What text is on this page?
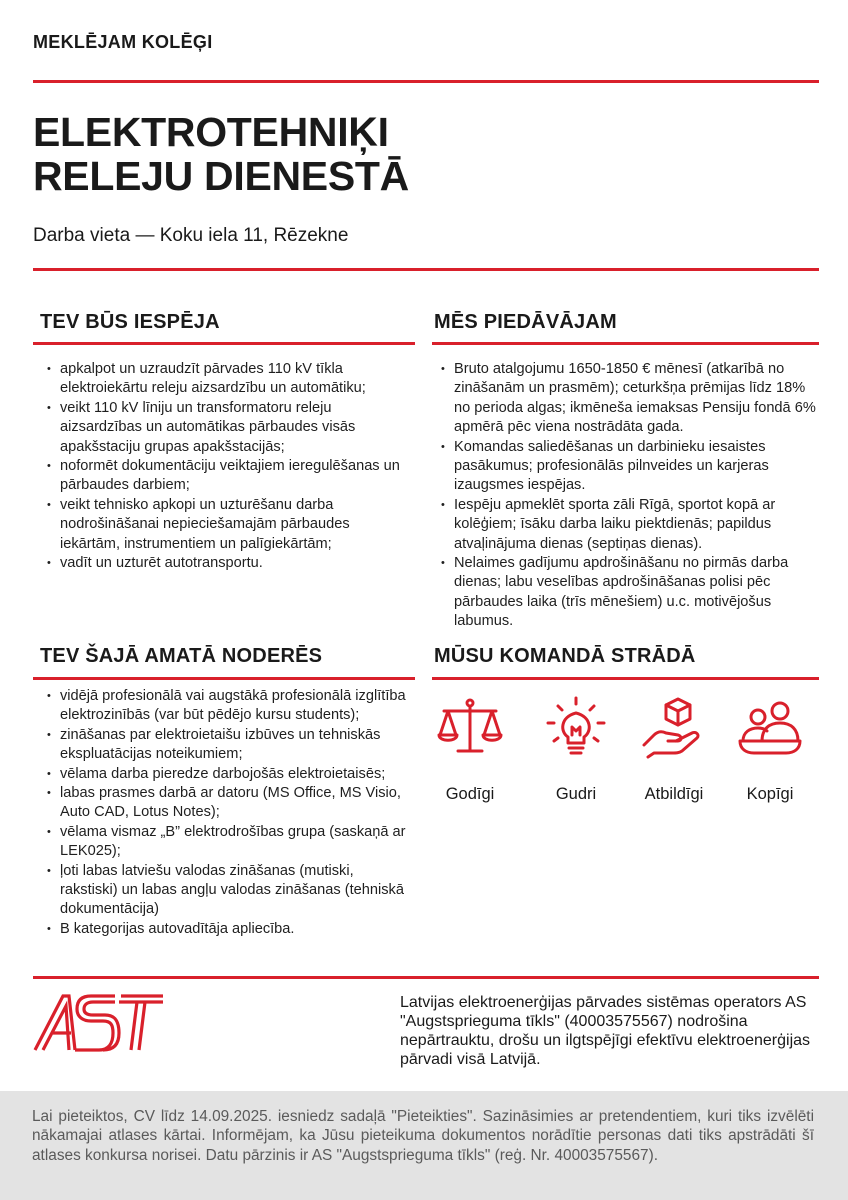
MEKLĒJAM KOLĒĢI
ELEKTROTEHNIĶI
RELEJU DIENESTĀ
Darba vieta — Koku iela 11, Rēzekne
TEV BŪS IESPĒJA
• apkalpot un uzraudzīt pārvades 110 kV tīkla elektroiekārtu releju aizsardzību un automātiku;
• veikt 110 kV līniju un transformatoru releju aizsardzības un automātikas pārbaudes visās apakšstaciju grupas apakšstacijās;
• noformēt dokumentāciju veiktajiem ieregulēšanas un pārbaudes darbiem;
• veikt tehnisko apkopi un uzturēšanu darba nodrošināšanai nepieciešamajām pārbaudes iekārtām, instrumentiem un palīgiekārtām;
• vadīt un uzturēt autotransportu.
MĒS PIEDĀVĀJAM
• Bruto atalgojumu 1650-1850 € mēnesī (atkarībā no zināšanām un prasmēm); ceturkšņa prēmijas līdz 18% no perioda algas; ikmēneša iemaksas Pensiju fondā 6% apmērā pēc viena nostrādāta gada.
• Komandas saliedēšanas un darbinieku iesaistes pasākumus; profesionālās pilnveides un karjeras izaugsmes iespējas.
• Iespēju apmeklēt sporta zāli Rīgā, sportot kopā ar kolēģiem; īsāku darba laiku piektdienās; papildus atvaļinājuma dienas (septiņas dienas).
• Nelaimes gadījumu apdrošināšanu no pirmās darba dienas; labu veselības apdrošināšanas polisi pēc pārbaudes laika (trīs mēnešiem) u.c. motivējošus labumus.
TEV ŠAJĀ AMATĀ NODERĒS
• vidējā profesionālā vai augstākā profesionālā izglītība elektrozinībās (var būt pēdējo kursu students);
• zināšanas par elektroietaišu izbūves un tehniskās ekspluatācijas noteikumiem;
• vēlama darba pieredze darbojošās elektroietaisēs;
• labas prasmes darbā ar datoru (MS Office, MS Visio, Auto CAD, Lotus Notes);
• vēlama vismaz „B” elektrodrošības grupa (saskaņā ar LEK025);
• ļoti labas latviešu valodas zināšanas (mutiski, rakstiski) un labas angļu valodas zināšanas (tehniskā dokumentācija)
• B kategorijas autovadītāja apliecība.
MŪSU KOMANDĀ STRĀDĀ
Godīgi	Gudri	Atbildīgi	Kopīgi
Latvijas elektroenerģijas pārvades sistēmas operators AS "Augstsprieguma tīkls" (40003575567) nodrošina nepārtrauktu, drošu un ilgtspējīgi efektīvu elektroenerģijas pārvadi visā Latvijā.
Lai pieteiktos, CV līdz 14.09.2025. iesniedz sadaļā "Pieteikties". Sazināsimies ar pretendentiem, kuri tiks izvēlēti nākamajai atlases kārtai. Informējam, ka Jūsu pieteikuma dokumentos norādītie personas dati tiks apstrādāti šī atlases konkursa norisei. Datu pārzinis ir AS "Augstsprieguma tīkls" (reģ. Nr. 40003575567).
